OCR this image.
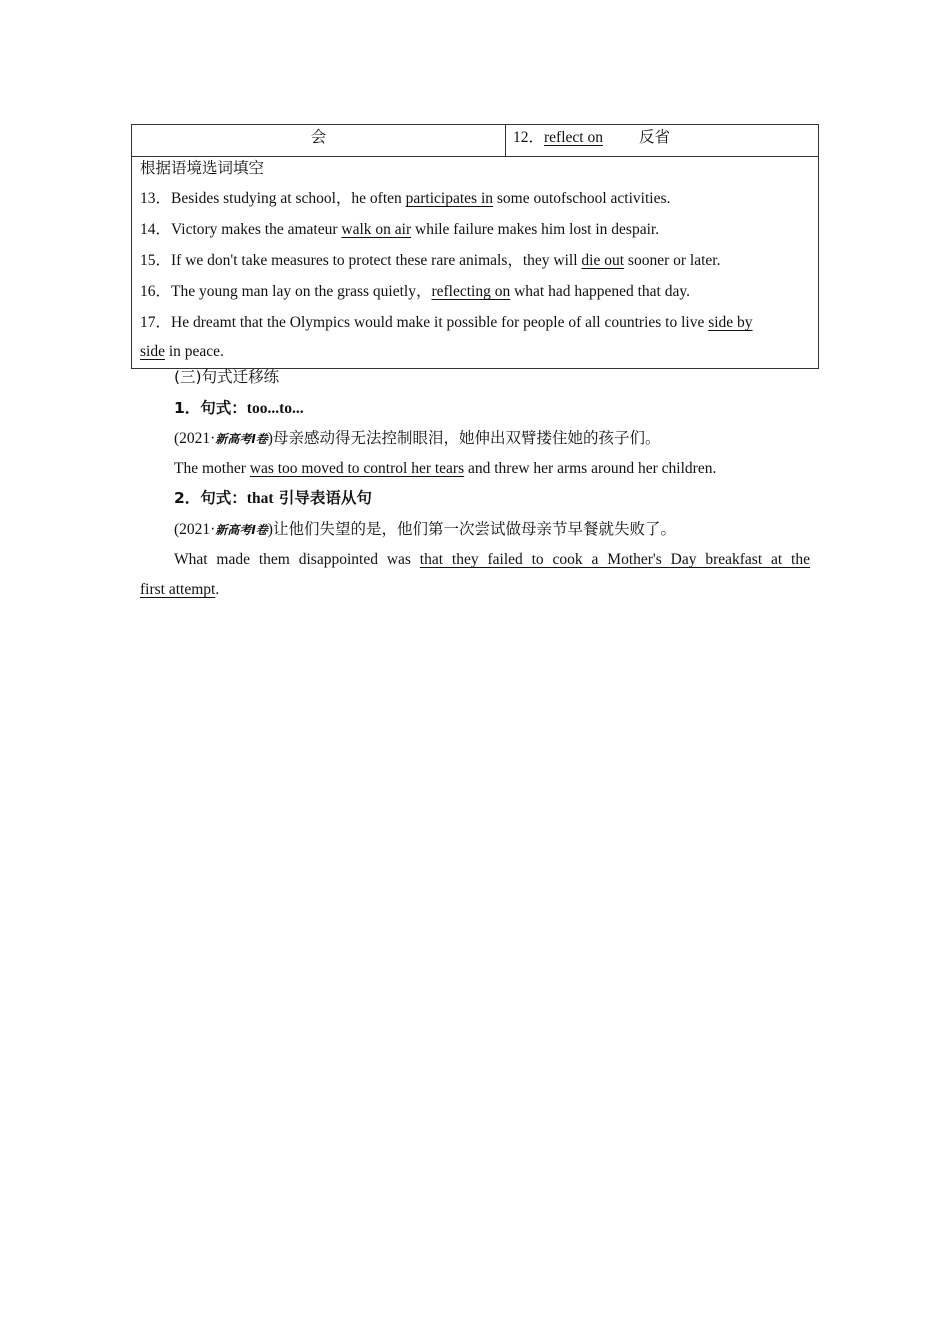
会	12．reflect on 反省
根据语境选词填空
13．Besides studying at school，he often participates in some outofschool activities.
14．Victory makes the amateur walk on air while failure makes him lost in despair.
15．If we don't take measures to protect these rare animals，they will die out sooner or later.
16．The young man lay on the grass quietly，reflecting on what had happened that day.
17．He dreamt that the Olympics would make it possible for people of all countries to live side by
side in peace.
(三)句式迁移练
1．句式：too...to...
(2021·新高考Ⅰ卷)母亲感动得无法控制眼泪，她伸出双臂搂住她的孩子们。
The mother was too moved to control her tears and threw her arms around her children.
2．句式：that 引导表语从句
(2021·新高考Ⅰ卷)让他们失望的是，他们第一次尝试做母亲节早餐就失败了。
What made them disappointed was that they failed to cook a Mother's Day breakfast at the
first attempt.
